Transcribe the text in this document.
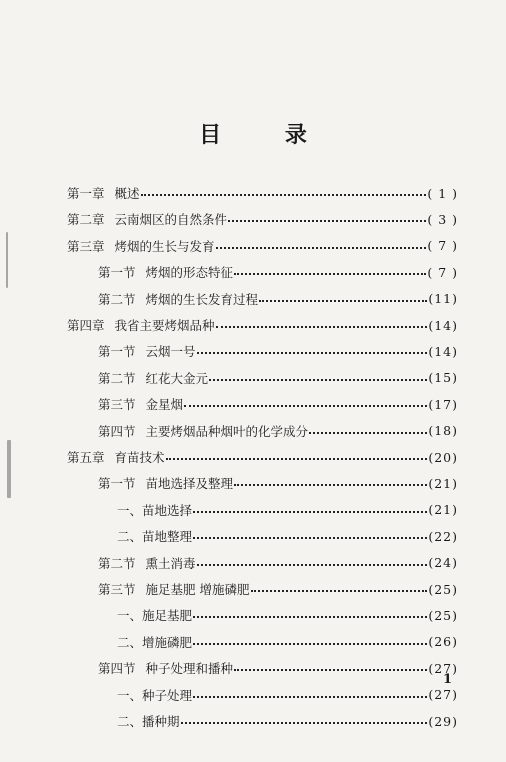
目 录
第一章 概述	( 1 )
第二章 云南烟区的自然条件	( 3 )
第三章 烤烟的生长与发育	( 7 )
第一节 烤烟的形态特征	( 7 )
第二节 烤烟的生长发育过程	(11)
第四章 我省主要烤烟品种	(14)
第一节 云烟一号	(14)
第二节 红花大金元	(15)
第三节 金星烟	(17)
第四节 主要烤烟品种烟叶的化学成分	(18)
第五章 育苗技术	(20)
第一节 苗地选择及整理	(21)
一、苗地选择	(21)
二、苗地整理	(22)
第二节 熏土消毒	(24)
第三节 施足基肥 增施磷肥	(25)
一、施足基肥	(25)
二、增施磷肥	(26)
第四节 种子处理和播种	(27)
一、种子处理	(27)
二、播种期	(29)
1
